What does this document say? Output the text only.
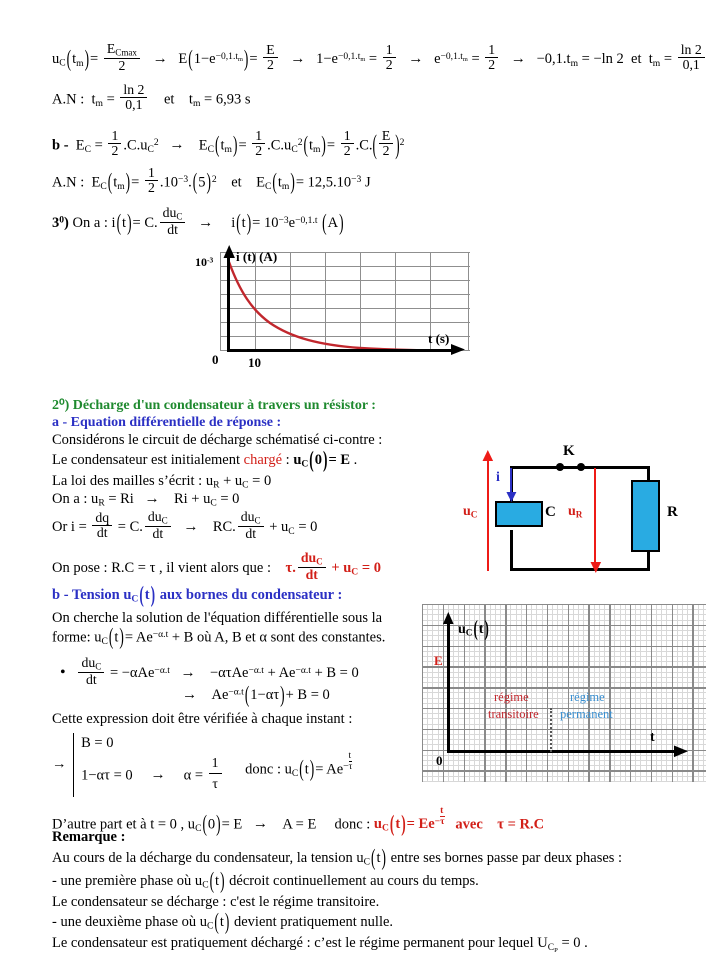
$u_C(t_m)=$
$E_{Cmax}$
2	→ $E(1-e^{-0,1.t_m})= \frac{E}{2} \to 1-e^{-0,1.t_m} = \frac{1}{2} \to e^{-0,1.t_m} = \frac{1}{2} \to -0,1.t_m = -\ln$ 2  et  $t_m = \frac{\ln 2}{0,1}$
A.N :  $t_m = \frac{\ln 2}{0,1}$ et    $t_m = 6,93$ s
$b - E_C = \frac{1}{2} .C.u_C^2 \to E_C(t_m)= \frac{1}{2} .C.u_C^2(t_m)= \frac{1}{2} .C.( \frac{E}{2} )^2$
A.N :  $E_C(t_m)= \frac{1}{2} .10^{-3}.(5)^2$    et    $E_C(t_m)= 12,5.10^{-3}$ J
$3^0$) On a : i(t)= C.
$du_C$
dt	→   $i(t)= 10^{-3}e^{-0,1.t}$ (A)
i (t) (A)
$10^{-3}$
0 10
t (s)
2⁰) Décharge d'un condensateur à travers un résistor :
a - Equation différentielle de réponse :
Considérons le circuit de décharge schématisé ci-contre :
Le condensateur est initialement chargé : $u_C(0)= E$ .
La loi des mailles s’écrit : $u_R + u_C = 0$
On a : $u_R = Ri \to Ri + u_C = 0$
Or $i = \frac{dq}{dt} = C$.
$du_C$
dt	→  RC.
$du_C$
dt + $u_C = 0$
On pose : R.C = τ , il vient alors que :    τ.
$du_C$
dt + $u_C = 0$
b - Tension $u_C(t)$ aux bornes du condensateur :
K
C	R
$u_C$	$u_R$
i
On cherche la solution de l'équation différentielle sous la
forme: $u_C(t)= Ae^{-\alpha.t} + B$ où A, B et α sont des constantes.
•
$du_C$
dt = $-\alpha Ae^{-\alpha.t} \to -\alpha\tau Ae^{-\alpha.t} + Ae^{-\alpha.t} + B = 0$
→  $Ae^{-\alpha.t}(1-\alpha\tau)+ B = 0$
Cette expression doit être vérifiée à chaque instant :
→
B = 0
$1-\alpha\tau = 0 \to \alpha = \frac{1}{\tau}$ donc : $u_C(t)= Ae^{- \frac{t}{\tau}}$
$u_C(t)$
E
0
t
régime
transitoire
régime
permanent
D’autre part et à t = 0 , $u_C(0)= E \to A = E$     donc : $u_C(t)= Ee^{- \frac{t}{\tau}}$ avec τ = R.C
Remarque :
Au cours de la décharge du condensateur, la tension $u_C(t)$ entre ses bornes passe par deux phases :
- une première phase où $u_C(t)$ décroit continuellement au cours du temps.
Le condensateur se décharge : c'est le régime transitoire.
- une deuxième phase où $u_C(t)$ devient pratiquement nulle.
Le condensateur est pratiquement déchargé : c’est le régime permanent pour lequel $U_{C_P} = 0$ .
